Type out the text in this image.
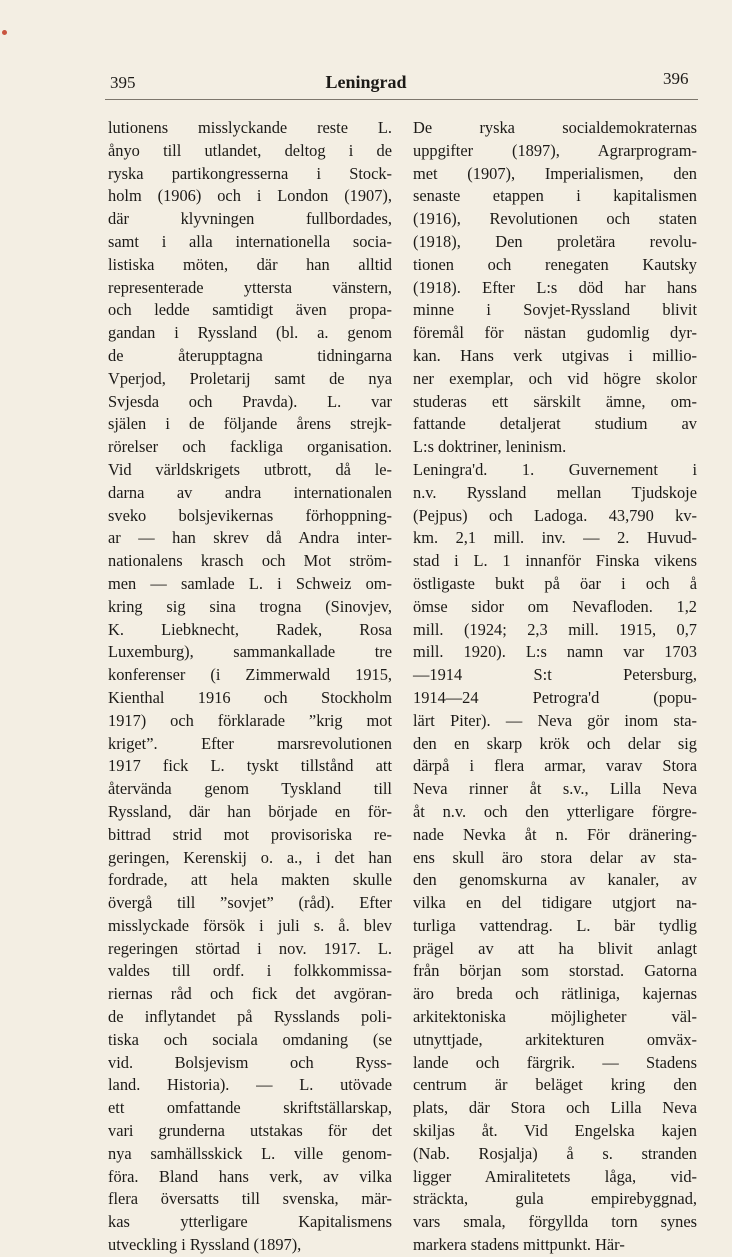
395	Leningrad	396
lutionens misslyckande reste L.
ånyo till utlandet, deltog i de
ryska partikongresserna i Stock-
holm (1906) och i London (1907),
där klyvningen fullbordades,
samt i alla internationella socia-
listiska möten, där han alltid
representerade yttersta vänstern,
och ledde samtidigt även propa-
gandan i Ryssland (bl. a. genom
de återupptagna tidningarna
Vperjod, Proletarij samt de nya
Svjesda och Pravda). L. var
själen i de följande årens strejk-
rörelser och fackliga organisation.
Vid världskrigets utbrott, då le-
darna av andra internationalen
sveko bolsjevikernas förhoppning-
ar — han skrev då Andra inter-
nationalens krasch och Mot ström-
men — samlade L. i Schweiz om-
kring sig sina trogna (Sinovjev,
K. Liebknecht, Radek, Rosa
Luxemburg), sammankallade tre
konferenser (i Zimmerwald 1915,
Kienthal 1916 och Stockholm
1917) och förklarade ”krig mot
kriget”. Efter marsrevolutionen
1917 fick L. tyskt tillstånd att
återvända genom Tyskland till
Ryssland, där han började en för-
bittrad strid mot provisoriska re-
geringen, Kerenskij o. a., i det han
fordrade, att hela makten skulle
övergå till ”sovjet” (råd). Efter
misslyckade försök i juli s. å. blev
regeringen störtad i nov. 1917. L.
valdes till ordf. i folkkommissa-
riernas råd och fick det avgöran-
de inflytandet på Rysslands poli-
tiska och sociala omdaning (se
vid. Bolsjevism och Ryss-
land. Historia). — L. utövade
ett omfattande skriftställarskap,
vari grunderna utstakas för det
nya samhällsskick L. ville genom-
föra. Bland hans verk, av vilka
flera översatts till svenska, mär-
kas ytterligare Kapitalismens
utveckling i Ryssland (1897),
De ryska socialdemokraternas
uppgifter (1897), Agrarprogram-
met (1907), Imperialismen, den
senaste etappen i kapitalismen
(1916), Revolutionen och staten
(1918), Den proletära revolu-
tionen och renegaten Kautsky
(1918). Efter L:s död har hans
minne i Sovjet-Ryssland blivit
föremål för nästan gudomlig dyr-
kan. Hans verk utgivas i millio-
ner exemplar, och vid högre skolor
studeras ett särskilt ämne, om-
fattande detaljerat studium av
L:s doktriner, leninism.
Leningra'd. 1. Guvernement i
n.v. Ryssland mellan Tjudskoje
(Pejpus) och Ladoga. 43,790 kv-
km. 2,1 mill. inv. — 2. Huvud-
stad i L. 1 innanför Finska vikens
östligaste bukt på öar i och å
ömse sidor om Nevafloden. 1,2
mill. (1924; 2,3 mill. 1915, 0,7
mill. 1920). L:s namn var 1703
—1914 S:t Petersburg,
1914—24 Petrogra'd (popu-
lärt Piter). — Neva gör inom sta-
den en skarp krök och delar sig
därpå i flera armar, varav Stora
Neva rinner åt s.v., Lilla Neva
åt n.v. och den ytterligare förgre-
nade Nevka åt n. För dränering-
ens skull äro stora delar av sta-
den genomskurna av kanaler, av
vilka en del tidigare utgjort na-
turliga vattendrag. L. bär tydlig
prägel av att ha blivit anlagt
från början som storstad. Gatorna
äro breda och rätliniga, kajernas
arkitektoniska möjligheter väl-
utnyttjade, arkitekturen omväx-
lande och färgrik. — Stadens
centrum är beläget kring den
plats, där Stora och Lilla Neva
skiljas åt. Vid Engelska kajen
(Nab. Rosjalja) å s. stranden
ligger Amiralitetets låga, vid-
sträckta, gula empirebyggnad,
vars smala, förgyllda torn synes
markera stadens mittpunkt. Här-
